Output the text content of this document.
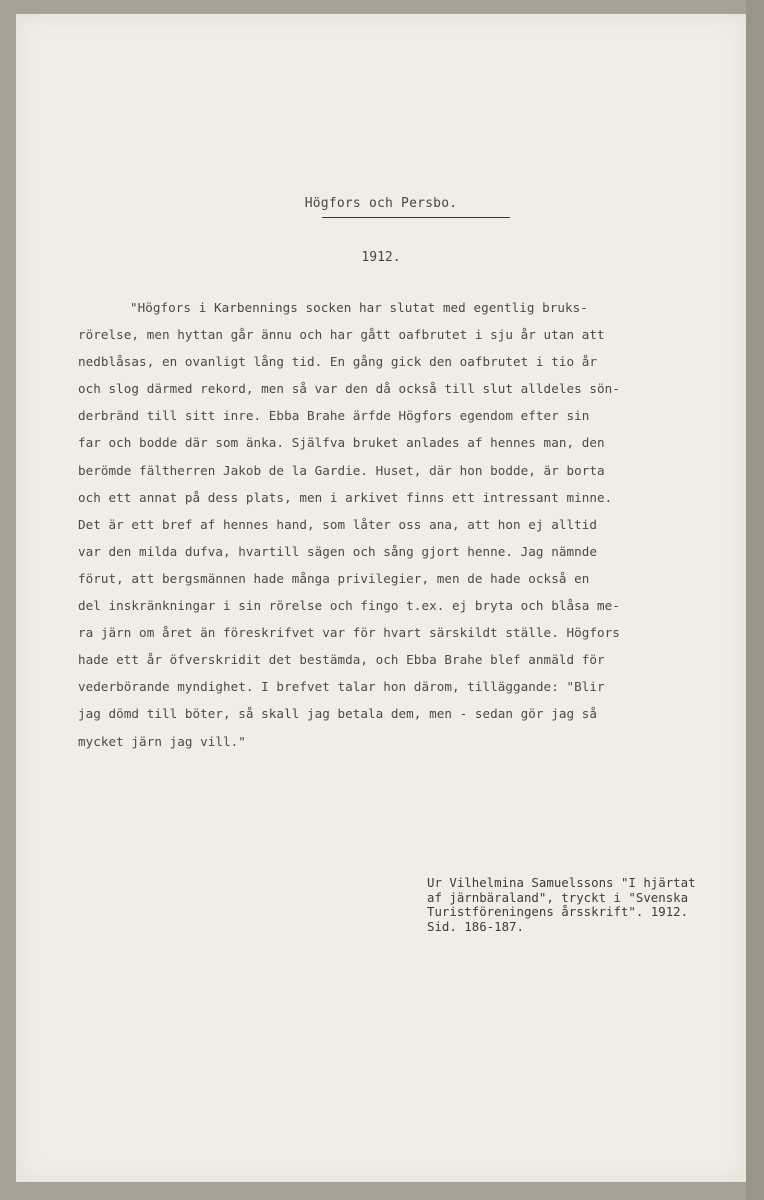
Högfors och Persbo.
1912.
"Högfors i Karbennings socken har slutat med egentlig bruks-
rörelse, men hyttan går ännu och har gått oafbrutet i sju år utan att
nedblåsas, en ovanligt lång tid. En gång gick den oafbrutet i tio år
och slog därmed rekord, men så var den då också till slut alldeles sön-
derbränd till sitt inre. Ebba Brahe ärfde Högfors egendom efter sin
far och bodde där som änka. Själfva bruket anlades af hennes man, den
berömde fältherren Jakob de la Gardie. Huset, där hon bodde, är borta
och ett annat på dess plats, men i arkivet finns ett intressant minne.
Det är ett bref af hennes hand, som låter oss ana, att hon ej alltid
var den milda dufva, hvartill sägen och sång gjort henne. Jag nämnde
förut, att bergsmännen hade många privilegier, men de hade också en
del inskränkningar i sin rörelse och fingo t.ex. ej bryta och blåsa me-
ra järn om året än föreskrifvet var för hvart särskildt ställe. Högfors
hade ett år öfverskridit det bestämda, och Ebba Brahe blef anmäld för
vederbörande myndighet. I brefvet talar hon därom, tilläggande: "Blir
jag dömd till böter, så skall jag betala dem, men - sedan gör jag så
mycket järn jag vill."
Ur Vilhelmina Samuelssons "I hjärtat
af järnbäraland", tryckt i "Svenska
Turistföreningens årsskrift". 1912.
Sid. 186-187.
